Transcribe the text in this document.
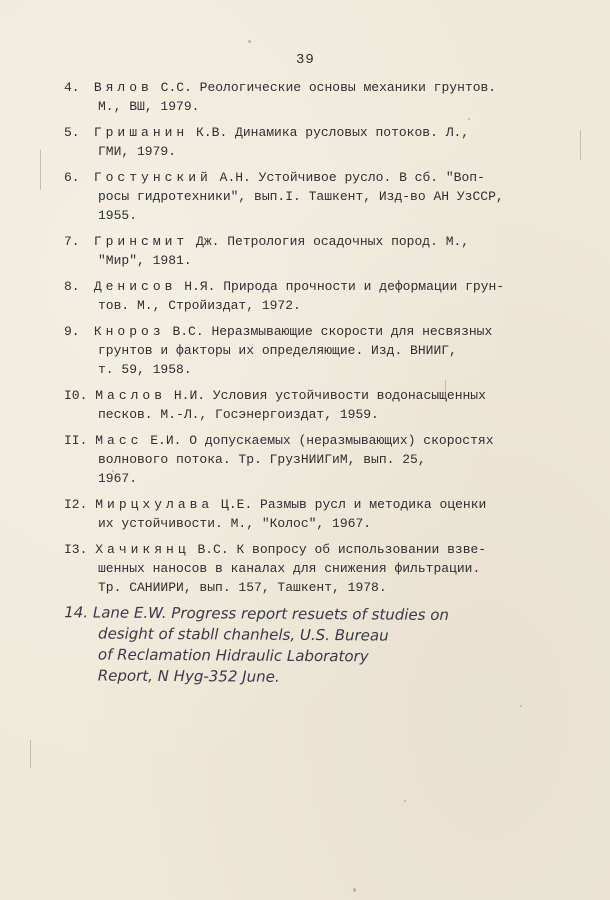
39
4. Вялов С.С. Реологические основы механики грунтов.
М., ВШ, 1979.
5. Гришанин К.В. Динамика русловых потоков. Л.,
ГМИ, 1979.
6. Гостунский А.Н. Устойчивое русло. В сб. "Воп-
росы гидротехники", вып.I. Ташкент, Изд-во АН УзССР,
1955.
7. Гринсмит Дж. Петрология осадочных пород. М.,
"Мир", 1981.
8. Денисов Н.Я. Природа прочности и деформации грун-
тов. М., Стройиздат, 1972.
9. Кнороз В.С. Неразмывающие скорости для несвязных
грунтов и факторы их определяющие. Изд. ВНИИГ,
т. 59, 1958.
I0. Маслов Н.И. Условия устойчивости водонасыщенных
песков. М.-Л., Госэнергоиздат, 1959.
II. Масс Е.И. О допускаемых (неразмывающих) скоростях
волнового потока. Тр. ГрузНИИГиМ, вып. 25,
1967.
I2. Мирцхулава Ц.Е. Размыв русл и методика оценки
их устойчивости. М., "Колос", 1967.
I3. Хачикянц В.С. К вопросу об использовании взве-
шенных наносов в каналах для снижения фильтрации.
Тр. САНИИРИ, вып. 157, Ташкент, 1978.
14. Lane E.W. Progress report resuets of studies on
desight of stabll chanhels, U.S. Bureau
of Reclamation Hidraulic Laboratory
Report, N Hyg-352 June.
